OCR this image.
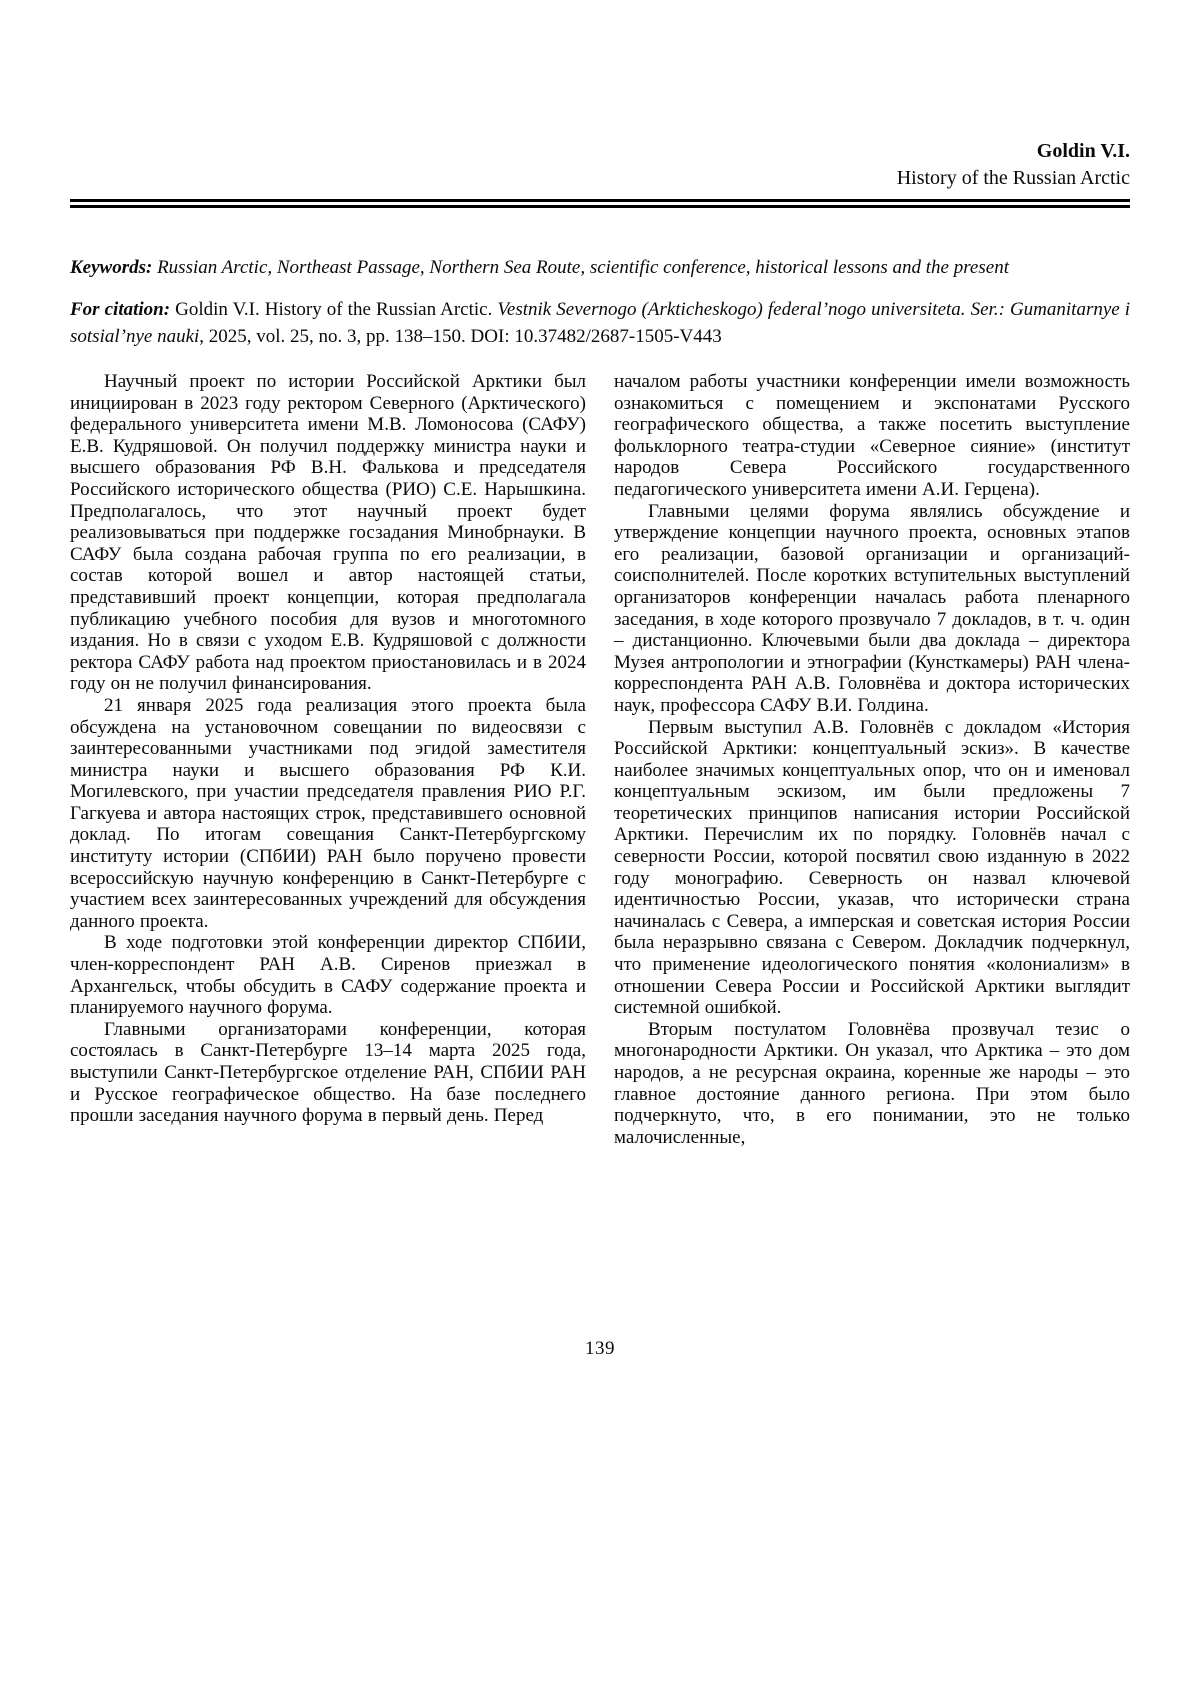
Goldin V.I.
History of the Russian Arctic

Keywords: Russian Arctic, Northeast Passage, Northern Sea Route, scientific conference, historical lessons and the present

For citation: Goldin V.I. History of the Russian Arctic. Vestnik Severnogo (Arkticheskogo) federal’nogo universiteta. Ser.: Gumanitarnye i sotsial’nye nauki, 2025, vol. 25, no. 3, pp. 138–150. DOI: 10.37482/2687-1505-V443

Научный проект по истории Российской Арктики был инициирован в 2023 году ректором Северного (Арктического) федерального университета имени М.В. Ломоносова (САФУ) Е.В. Кудряшовой. Он получил поддержку министра науки и высшего образования РФ В.Н. Фалькова и председателя Российского исторического общества (РИО) С.Е. Нарышкина. Предполагалось, что этот научный проект будет реализовываться при поддержке госзадания Минобрнауки. В САФУ была создана рабочая группа по его реализации, в состав которой вошел и автор настоящей статьи, представивший проект концепции, которая предполагала публикацию учебного пособия для вузов и многотомного издания. Но в связи с уходом Е.В. Кудряшовой с должности ректора САФУ работа над проектом приостановилась и в 2024 году он не получил финансирования.

21 января 2025 года реализация этого проекта была обсуждена на установочном совещании по видеосвязи с заинтересованными участниками под эгидой заместителя министра науки и высшего образования РФ К.И. Могилевского, при участии председателя правления РИО Р.Г. Гагкуева и автора настоящих строк, представившего основной доклад. По итогам совещания Санкт-Петербургскому институту истории (СПбИИ) РАН было поручено провести всероссийскую научную конференцию в Санкт-Петербурге с участием всех заинтересованных учреждений для обсуждения данного проекта.

В ходе подготовки этой конференции директор СПбИИ, член-корреспондент РАН А.В. Сиренов приезжал в Архангельск, чтобы обсудить в САФУ содержание проекта и планируемого научного форума.

Главными организаторами конференции, которая состоялась в Санкт-Петербурге 13–14 марта 2025 года, выступили Санкт-Петербургское отделение РАН, СПбИИ РАН и Русское географическое общество. На базе последнего прошли заседания научного форума в первый день. Перед

началом работы участники конференции имели возможность ознакомиться с помещением и экспонатами Русского географического общества, а также посетить выступление фольклорного театра-студии «Северное сияние» (институт народов Севера Российского государственного педагогического университета имени А.И. Герцена).

Главными целями форума являлись обсуждение и утверждение концепции научного проекта, основных этапов его реализации, базовой организации и организаций-соисполнителей. После коротких вступительных выступлений организаторов конференции началась работа пленарного заседания, в ходе которого прозвучало 7 докладов, в т. ч. один – дистанционно. Ключевыми были два доклада – директора Музея антропологии и этнографии (Кунсткамеры) РАН члена-корреспондента РАН А.В. Головнёва и доктора исторических наук, профессора САФУ В.И. Голдина.

Первым выступил А.В. Головнёв с докладом «История Российской Арктики: концептуальный эскиз». В качестве наиболее значимых концептуальных опор, что он и именовал концептуальным эскизом, им были предложены 7 теоретических принципов написания истории Российской Арктики. Перечислим их по порядку. Головнёв начал с северности России, которой посвятил свою изданную в 2022 году монографию. Северность он назвал ключевой идентичностью России, указав, что исторически страна начиналась с Севера, а имперская и советская история России была неразрывно связана с Севером. Докладчик подчеркнул, что применение идеологического понятия «колониализм» в отношении Севера России и Российской Арктики выглядит системной ошибкой.

Вторым постулатом Головнёва прозвучал тезис о многонародности Арктики. Он указал, что Арктика – это дом народов, а не ресурсная окраина, коренные же народы – это главное достояние данного региона. При этом было подчеркнуто, что, в его понимании, это не только малочисленные,

139
